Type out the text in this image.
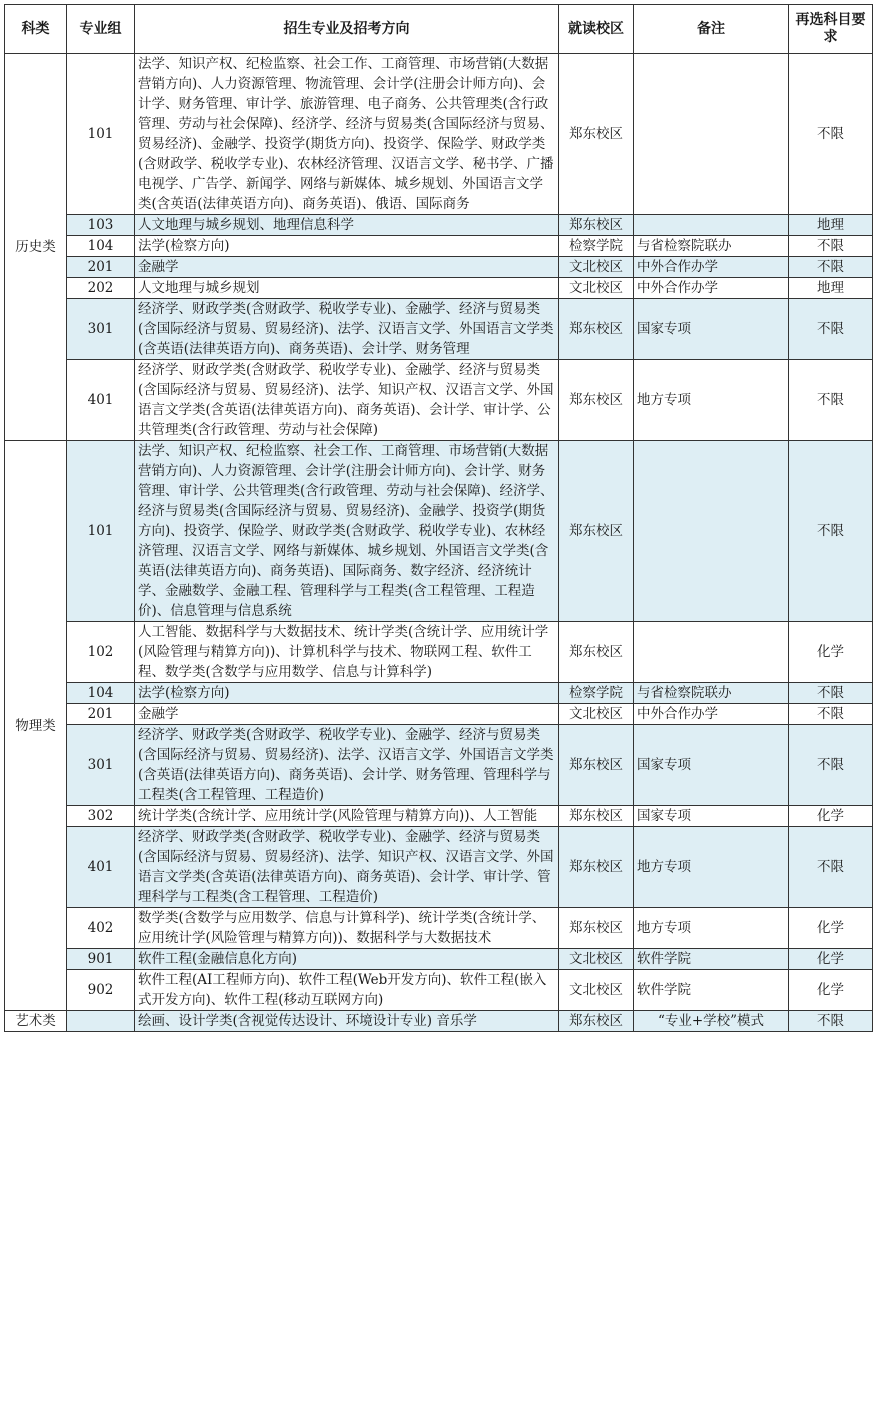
科类	专业组	招生专业及招考方向	就读校区	备注	再选科目要求
历史类	101	法学、知识产权、纪检监察、社会工作、工商管理、市场营销(大数据营销方向)、人力资源管理、物流管理、会计学(注册会计师方向)、会计学、财务管理、审计学、旅游管理、电子商务、公共管理类(含行政管理、劳动与社会保障)、经济学、经济与贸易类(含国际经济与贸易、贸易经济)、金融学、投资学(期货方向)、投资学、保险学、财政学类(含财政学、税收学专业)、农林经济管理、汉语言文学、秘书学、广播电视学、广告学、新闻学、网络与新媒体、城乡规划、外国语言文学类(含英语(法律英语方向)、商务英语)、俄语、国际商务	郑东校区		不限
	103	人文地理与城乡规划、地理信息科学	郑东校区		地理
	104	法学(检察方向)	检察学院	与省检察院联办	不限
	201	金融学	文北校区	中外合作办学	不限
	202	人文地理与城乡规划	文北校区	中外合作办学	地理
	301	经济学、财政学类(含财政学、税收学专业)、金融学、经济与贸易类(含国际经济与贸易、贸易经济)、法学、汉语言文学、外国语言文学类(含英语(法律英语方向)、商务英语)、会计学、财务管理	郑东校区	国家专项	不限
	401	经济学、财政学类(含财政学、税收学专业)、金融学、经济与贸易类(含国际经济与贸易、贸易经济)、法学、知识产权、汉语言文学、外国语言文学类(含英语(法律英语方向)、商务英语)、会计学、审计学、公共管理类(含行政管理、劳动与社会保障)	郑东校区	地方专项	不限
物理类	101	法学、知识产权、纪检监察、社会工作、工商管理、市场营销(大数据营销方向)、人力资源管理、会计学(注册会计师方向)、会计学、财务管理、审计学、公共管理类(含行政管理、劳动与社会保障)、经济学、经济与贸易类(含国际经济与贸易、贸易经济)、金融学、投资学(期货方向)、投资学、保险学、财政学类(含财政学、税收学专业)、农林经济管理、汉语言文学、网络与新媒体、城乡规划、外国语言文学类(含英语(法律英语方向)、商务英语)、国际商务、数字经济、经济统计学、金融数学、金融工程、管理科学与工程类(含工程管理、工程造价)、信息管理与信息系统	郑东校区		不限
	102	人工智能、数据科学与大数据技术、统计学类(含统计学、应用统计学(风险管理与精算方向))、计算机科学与技术、物联网工程、软件工程、数学类(含数学与应用数学、信息与计算科学)	郑东校区		化学
	104	法学(检察方向)	检察学院	与省检察院联办	不限
	201	金融学	文北校区	中外合作办学	不限
	301	经济学、财政学类(含财政学、税收学专业)、金融学、经济与贸易类(含国际经济与贸易、贸易经济)、法学、汉语言文学、外国语言文学类(含英语(法律英语方向)、商务英语)、会计学、财务管理、管理科学与工程类(含工程管理、工程造价)	郑东校区	国家专项	不限
	302	统计学类(含统计学、应用统计学(风险管理与精算方向))、人工智能	郑东校区	国家专项	化学
	401	经济学、财政学类(含财政学、税收学专业)、金融学、经济与贸易类(含国际经济与贸易、贸易经济)、法学、知识产权、汉语言文学、外国语言文学类(含英语(法律英语方向)、商务英语)、会计学、审计学、管理科学与工程类(含工程管理、工程造价)	郑东校区	地方专项	不限
	402	数学类(含数学与应用数学、信息与计算科学)、统计学类(含统计学、应用统计学(风险管理与精算方向))、数据科学与大数据技术	郑东校区	地方专项	化学
	901	软件工程(金融信息化方向)	文北校区	软件学院	化学
	902	软件工程(AI工程师方向)、软件工程(Web开发方向)、软件工程(嵌入式开发方向)、软件工程(移动互联网方向)	文北校区	软件学院	化学
艺术类		绘画、设计学类(含视觉传达设计、环境设计专业) 音乐学	郑东校区	“专业+学校”模式	不限
